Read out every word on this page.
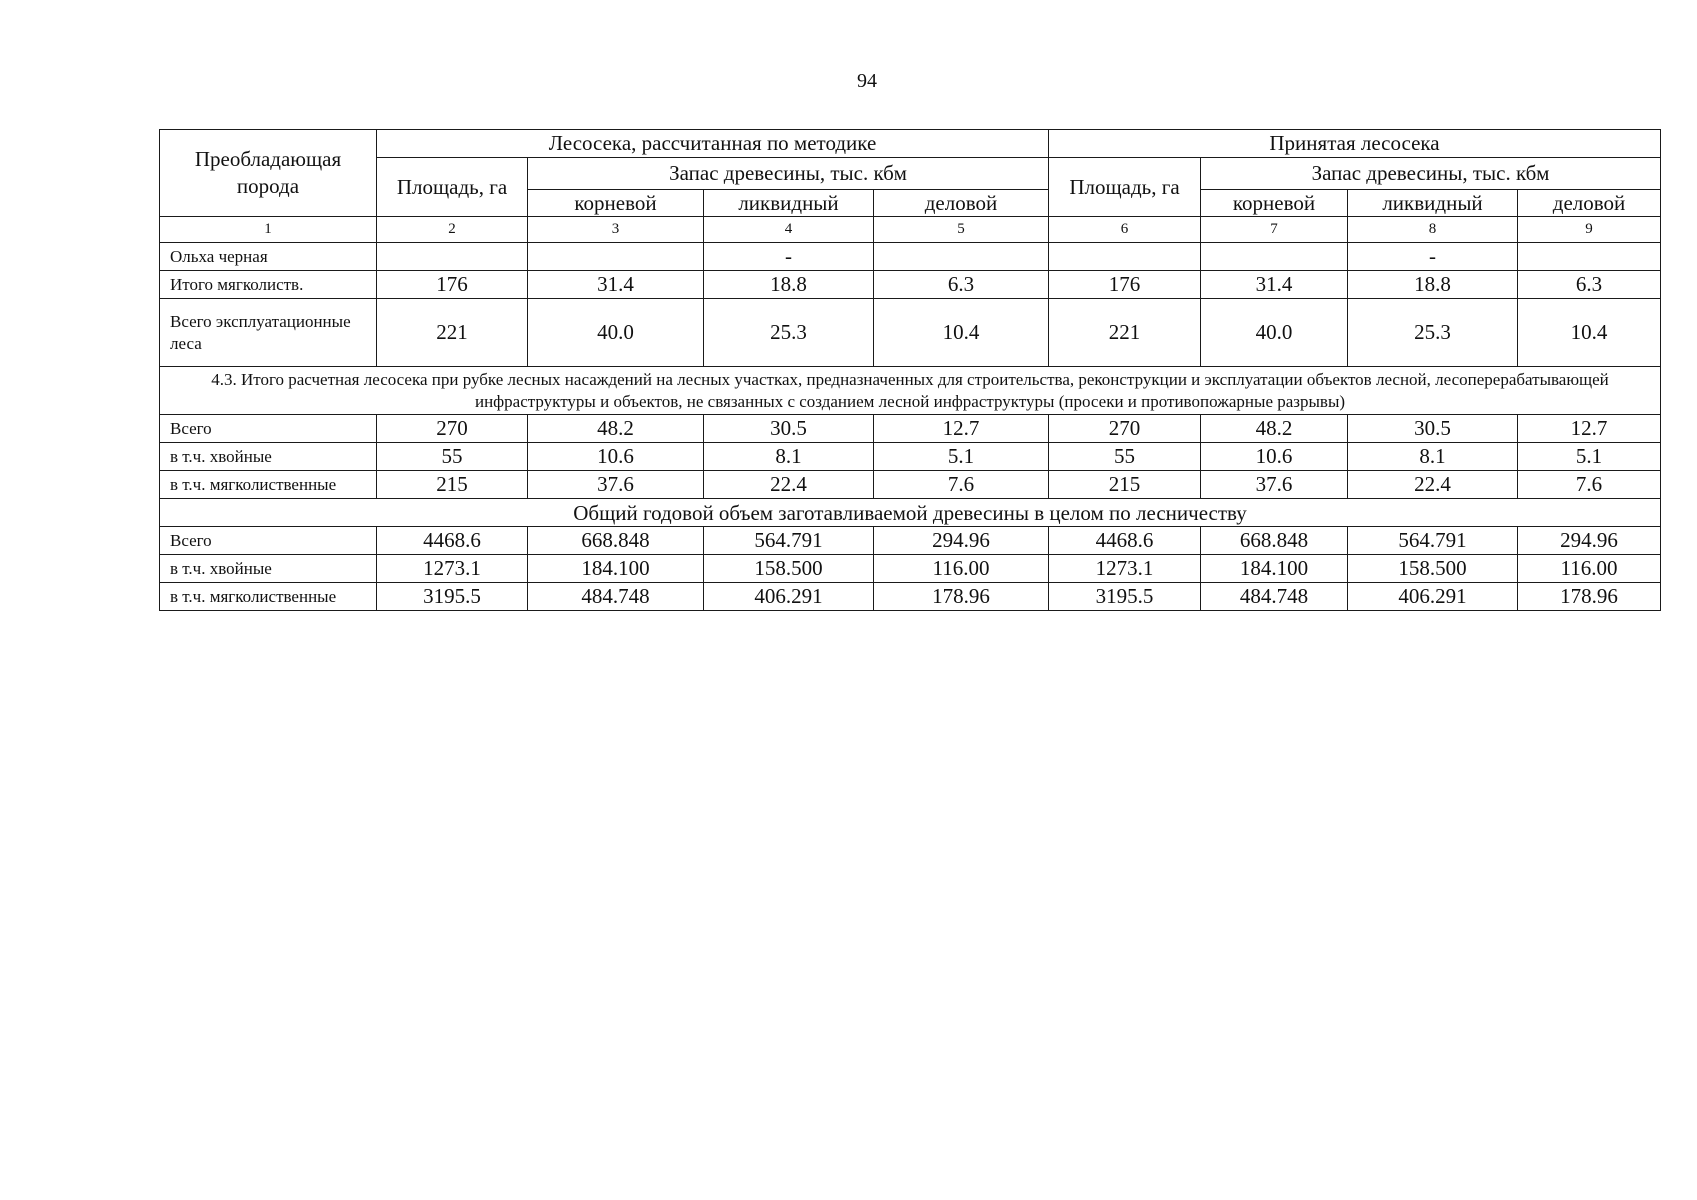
94
Преобладающая порода	Лесосека, рассчитанная по методике				Принятая лесосека			
	Площадь, га	Запас древесины, тыс. кбм			Площадь, га	Запас древесины, тыс. кбм		
		корневой	ликвидный	деловой		корневой	ликвидный	деловой
1	2	3	4	5	6	7	8	9
Ольха черная			-				-	
Итого мягколиств.	176	31.4	18.8	6.3	176	31.4	18.8	6.3
Всего эксплуатационные леса	221	40.0	25.3	10.4	221	40.0	25.3	10.4
4.3. Итого расчетная лесосека при рубке лесных насаждений на лесных участках, предназначенных для строительства, реконструкции и эксплуатации объектов лесной, лесоперерабатывающей инфраструктуры и объектов, не связанных с созданием лесной инфраструктуры (просеки и противопожарные разрывы)								
Всего	270	48.2	30.5	12.7	270	48.2	30.5	12.7
в т.ч. хвойные	55	10.6	8.1	5.1	55	10.6	8.1	5.1
в т.ч. мягколиственные	215	37.6	22.4	7.6	215	37.6	22.4	7.6
Общий годовой объем заготавливаемой древесины в целом по лесничеству								
Всего	4468.6	668.848	564.791	294.96	4468.6	668.848	564.791	294.96
в т.ч. хвойные	1273.1	184.100	158.500	116.00	1273.1	184.100	158.500	116.00
в т.ч. мягколиственные	3195.5	484.748	406.291	178.96	3195.5	484.748	406.291	178.96
